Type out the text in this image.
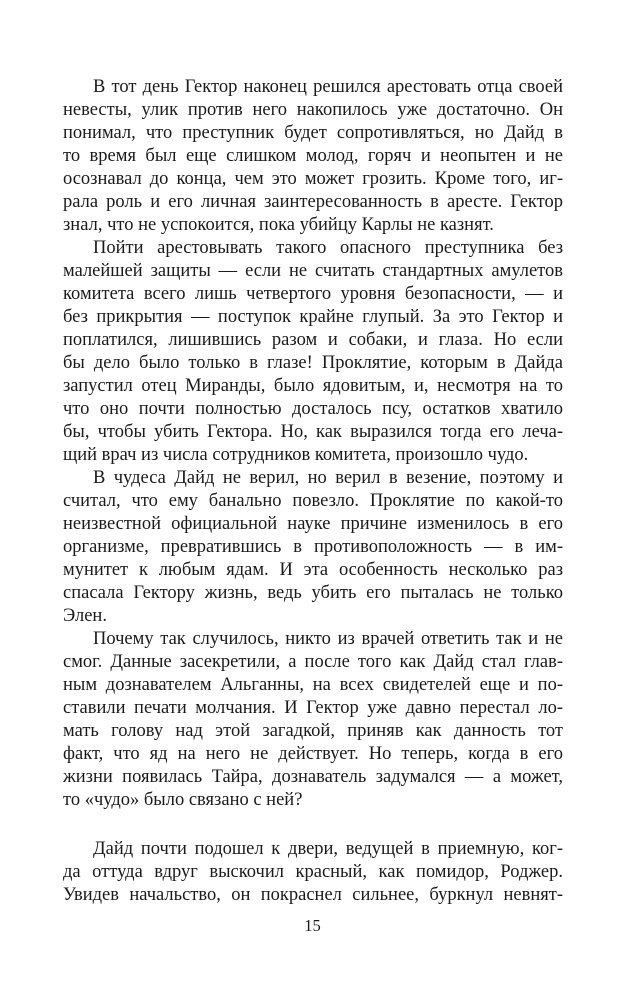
В тот день Гектор наконец решился арестовать отца своей
невесты, улик против него накопилось уже достаточно. Он
понимал, что преступник будет сопротивляться, но Дайд в
то время был еще слишком молод, горяч и неопытен и не
осознавал до конца, чем это может грозить. Кроме того, иг-
рала роль и его личная заинтересованность в аресте. Гектор
знал, что не успокоится, пока убийцу Карлы не казнят.
Пойти арестовывать такого опасного преступника без
малейшей защиты — если не считать стандартных амулетов
комитета всего лишь четвертого уровня безопасности, — и
без прикрытия — поступок крайне глупый. За это Гектор и
поплатился, лишившись разом и собаки, и глаза. Но если
бы дело было только в глазе! Проклятие, которым в Дайда
запустил отец Миранды, было ядовитым, и, несмотря на то
что оно почти полностью досталось псу, остатков хватило
бы, чтобы убить Гектора. Но, как выразился тогда его леча-
щий врач из числа сотрудников комитета, произошло чудо.
В чудеса Дайд не верил, но верил в везение, поэтому и
считал, что ему банально повезло. Проклятие по какой-то
неизвестной официальной науке причине изменилось в его
организме, превратившись в противоположность — в им-
мунитет к любым ядам. И эта особенность несколько раз
спасала Гектору жизнь, ведь убить его пыталась не только
Элен.
Почему так случилось, никто из врачей ответить так и не
смог. Данные засекретили, а после того как Дайд стал глав-
ным дознавателем Альганны, на всех свидетелей еще и по-
ставили печати молчания. И Гектор уже давно перестал ло-
мать голову над этой загадкой, приняв как данность тот
факт, что яд на него не действует. Но теперь, когда в его
жизни появилась Тайра, дознаватель задумался — а может,
то «чудо» было связано с ней?
Дайд почти подошел к двери, ведущей в приемную, ког-
да оттуда вдруг выскочил красный, как помидор, Роджер.
Увидев начальство, он покраснел сильнее, буркнул невнят-
15
